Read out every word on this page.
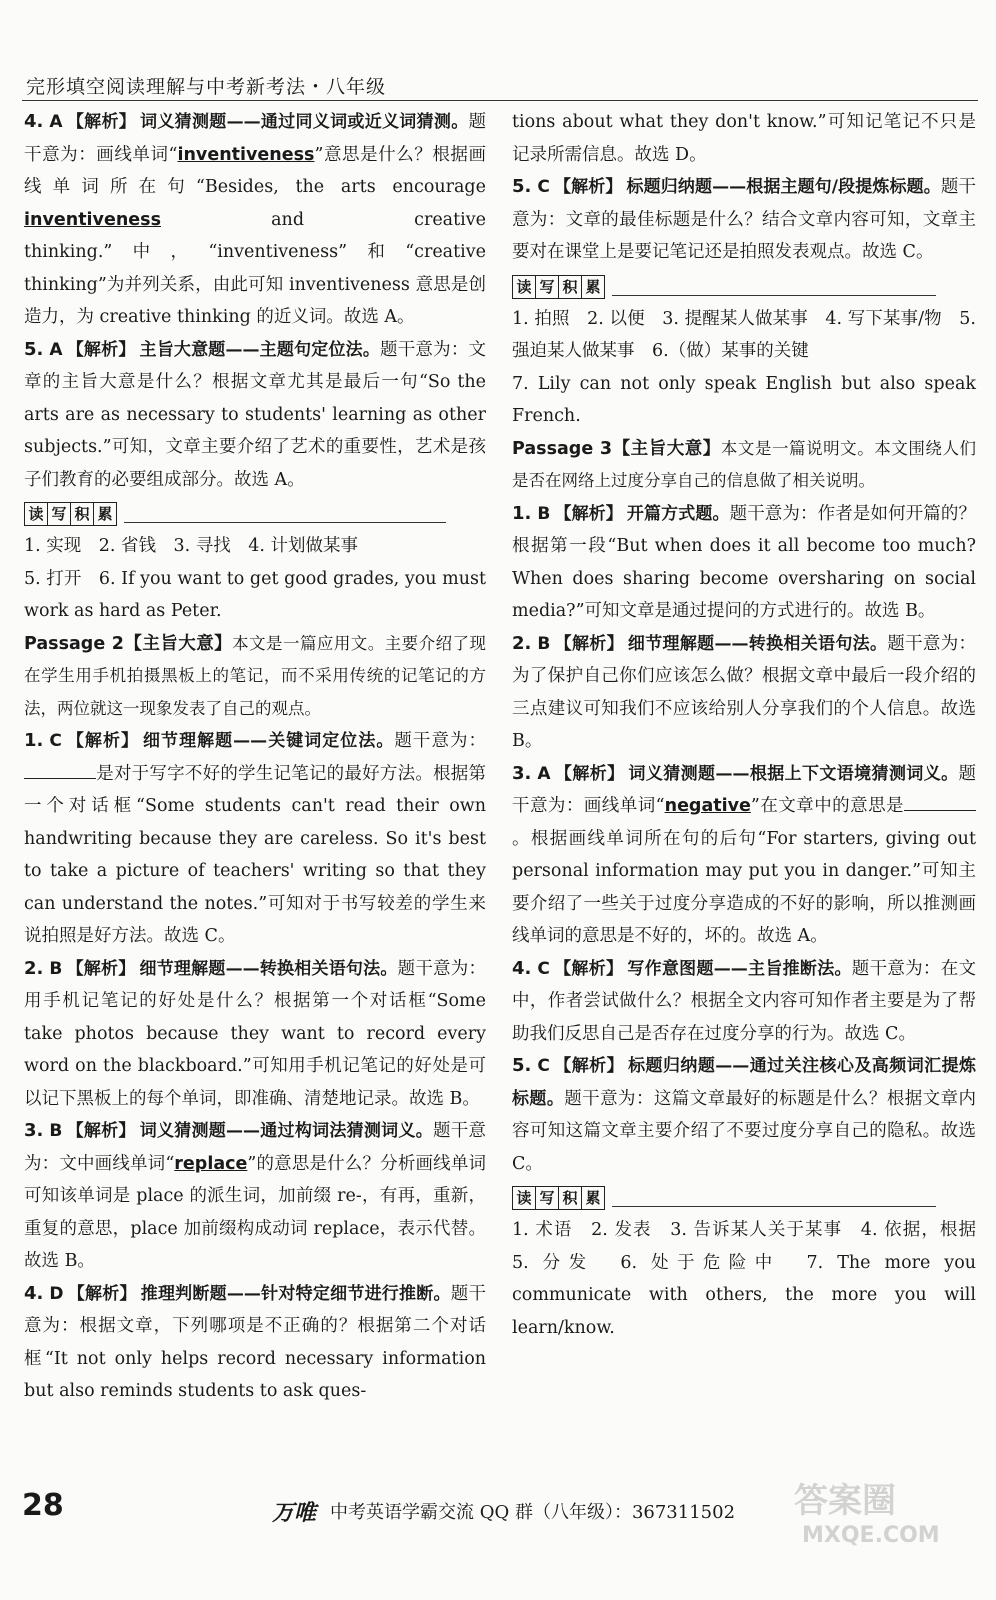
完形填空阅读理解与中考新考法・八年级

4. A 【解析】 词义猜测题——通过同义词或近义词猜测。题干意为：画线单词“inventiveness”意思是什么？根据画线单词所在句“Besides, the arts encourage inventiveness and creative thinking.”中，“inventiveness”和“creative thinking”为并列关系，由此可知 inventiveness 意思是创造力，为 creative thinking 的近义词。故选 A。

5. A 【解析】 主旨大意题——主题句定位法。题干意为：文章的主旨大意是什么？根据文章尤其是最后一句“So the arts are as necessary to students' learning as other subjects.”可知，文章主要介绍了艺术的重要性，艺术是孩子们教育的必要组成部分。故选 A。

读 写 积 累

1. 实现　2. 省钱　3. 寻找　4. 计划做某事

5. 打开　6. If you want to get good grades, you must work as hard as Peter.

Passage 2【主旨大意】本文是一篇应用文。主要介绍了现在学生用手机拍摄黑板上的笔记，而不采用传统的记笔记的方法，两位就这一现象发表了自己的观点。

1. C 【解析】 细节理解题——关键词定位法。题干意为：是对于写字不好的学生记笔记的最好方法。根据第一个对话框“Some students can't read their own handwriting because they are careless. So it's best to take a picture of teachers' writing so that they can understand the notes.”可知对于书写较差的学生来说拍照是好方法。故选 C。

2. B 【解析】 细节理解题——转换相关语句法。题干意为：用手机记笔记的好处是什么？根据第一个对话框“Some take photos because they want to record every word on the blackboard.”可知用手机记笔记的好处是可以记下黑板上的每个单词，即准确、清楚地记录。故选 B。

3. B 【解析】 词义猜测题——通过构词法猜测词义。题干意为：文中画线单词“replace”的意思是什么？分析画线单词可知该单词是 place 的派生词，加前缀 re-，有再，重新，重复的意思，place 加前缀构成动词 replace，表示代替。故选 B。

4. D 【解析】 推理判断题——针对特定细节进行推断。题干意为：根据文章，下列哪项是不正确的？根据第二个对话框“It not only helps record necessary information but also reminds students to ask ques-

tions about what they don't know.”可知记笔记不只是记录所需信息。故选 D。

5. C 【解析】 标题归纳题——根据主题句/段提炼标题。题干意为：文章的最佳标题是什么？结合文章内容可知，文章主要对在课堂上是要记笔记还是拍照发表观点。故选 C。

读 写 积 累

1. 拍照　2. 以便　3. 提醒某人做某事　4. 写下某事/物　5. 强迫某人做某事　6.（做）某事的关键

7. Lily can not only speak English but also speak French.

Passage 3【主旨大意】本文是一篇说明文。本文围绕人们是否在网络上过度分享自己的信息做了相关说明。

1. B 【解析】 开篇方式题。题干意为：作者是如何开篇的？根据第一段“But when does it all become too much? When does sharing become oversharing on social media?”可知文章是通过提问的方式进行的。故选 B。

2. B 【解析】 细节理解题——转换相关语句法。题干意为：为了保护自己你们应该怎么做？根据文章中最后一段介绍的三点建议可知我们不应该给别人分享我们的个人信息。故选 B。

3. A 【解析】 词义猜测题——根据上下文语境猜测词义。题干意为：画线单词“negative”在文章中的意思是。根据画线单词所在句的后句“For starters, giving out personal information may put you in danger.”可知主要介绍了一些关于过度分享造成的不好的影响，所以推测画线单词的意思是不好的，坏的。故选 A。

4. C 【解析】 写作意图题——主旨推断法。题干意为：在文中，作者尝试做什么？根据全文内容可知作者主要是为了帮助我们反思自己是否存在过度分享的行为。故选 C。

5. C 【解析】 标题归纳题——通过关注核心及高频词汇提炼标题。题干意为：这篇文章最好的标题是什么？根据文章内容可知这篇文章主要介绍了不要过度分享自己的隐私。故选 C。

读 写 积 累

1. 术语　2. 发表　3. 告诉某人关于某事　4. 依据，根据　5. 分发　6. 处于危险中　7. The more you communicate with others, the more you will learn/know.

28	万唯 中考英语学霸交流 QQ 群（八年级）：367311502 答案圈
MXQE.COM
